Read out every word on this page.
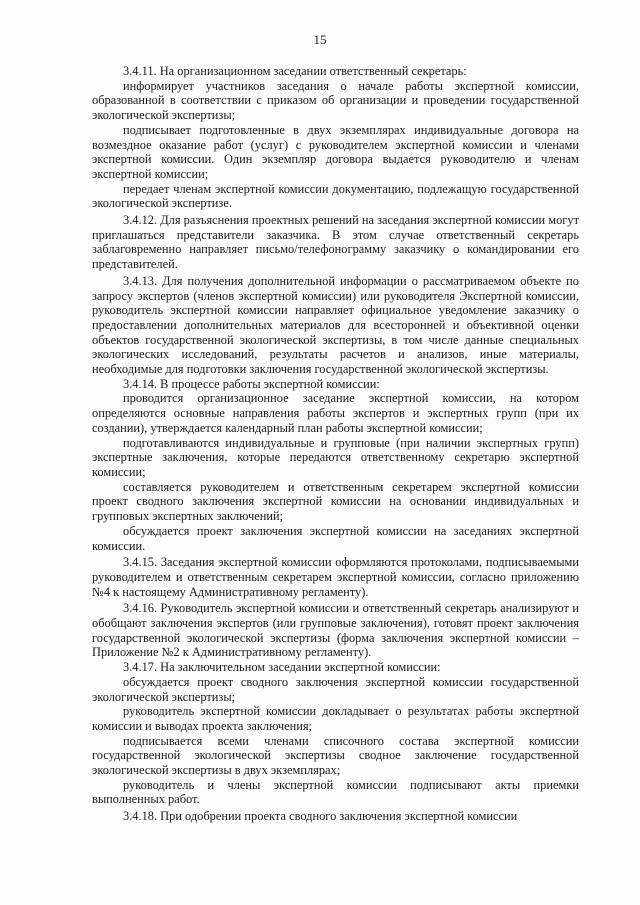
15

3.4.11. На организационном заседании ответственный секретарь:

информирует участников заседания о начале работы экспертной комиссии, образованной в соответствии с приказом об организации и проведении государственной экологической экспертизы;

подписывает подготовленные в двух экземплярах индивидуальные договора на возмездное оказание работ (услуг) с руководителем экспертной комиссии и членами экспертной комиссии. Один экземпляр договора выдается руководителю и членам экспертной комиссии;

передает членам экспертной комиссии документацию, подлежащую государственной экологической экспертизе.

3.4.12. Для разъяснения проектных решений на заседания экспертной комиссии могут приглашаться представители заказчика. В этом случае ответственный секретарь заблаговременно направляет письмо/телефонограмму заказчику о командировании его представителей.

3.4.13. Для получения дополнительной информации о рассматриваемом объекте по запросу экспертов (членов экспертной комиссии) или руководителя Экспертной комиссии, руководитель экспертной комиссии направляет официальное уведомление заказчику о предоставлении дополнительных материалов для всесторонней и объективной оценки объектов государственной экологической экспертизы, в том числе данные специальных экологических исследований, результаты расчетов и анализов, иные материалы, необходимые для подготовки заключения государственной экологической экспертизы.

3.4.14. В процессе работы экспертной комиссии:

проводится организационное заседание экспертной комиссии, на котором определяются основные направления работы экспертов и экспертных групп (при их создании), утверждается календарный план работы экспертной комиссии;

подготавливаются индивидуальные и групповые (при наличии экспертных групп) экспертные заключения, которые передаются ответственному секретарю экспертной комиссии;

составляется руководителем и ответственным секретарем экспертной комиссии проект сводного заключения экспертной комиссии на основании индивидуальных и групповых экспертных заключений;

обсуждается проект заключения экспертной комиссии на заседаниях экспертной комиссии.

3.4.15. Заседания экспертной комиссии оформляются протоколами, подписываемыми руководителем и ответственным секретарем экспертной комиссии, согласно приложению №4 к настоящему Административному регламенту).

3.4.16. Руководитель экспертной комиссии и ответственный секретарь анализируют и обобщают заключения экспертов (или групповые заключения), готовят проект заключения государственной экологической экспертизы (форма заключения экспертной комиссии – Приложение №2 к Административному регламенту).

3.4.17. На заключительном заседании экспертной комиссии:

обсуждается проект сводного заключения экспертной комиссии государственной экологической экспертизы;

руководитель экспертной комиссии докладывает о результатах работы экспертной комиссии и выводах проекта заключения;

подписывается всеми членами списочного состава экспертной комиссии государственной экологической экспертизы сводное заключение государственной экологической экспертизы в двух экземплярах;

руководитель и члены экспертной комиссии подписывают акты приемки выполненных работ.

3.4.18. При одобрении проекта сводного заключения экспертной комиссии
